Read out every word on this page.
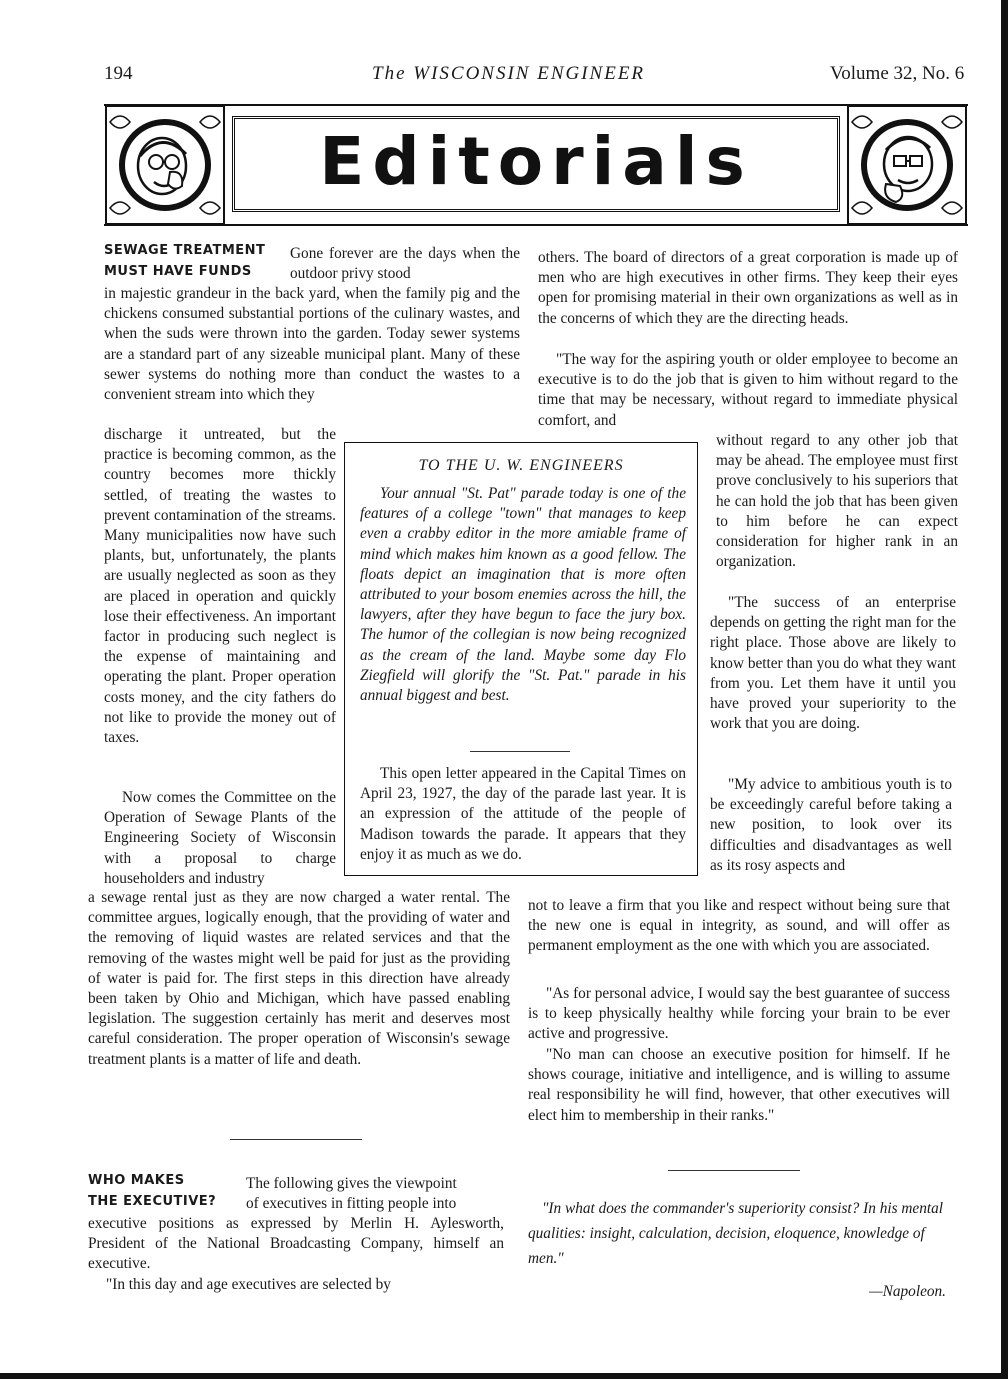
194	The WISCONSIN ENGINEER	Volume 32, No. 6
Editorials
SEWAGE TREATMENT
MUST HAVE FUNDS

Gone forever are the days when the outdoor privy stood

in majestic grandeur in the back yard, when the family pig and the chickens consumed substantial portions of the culinary wastes, and when the suds were thrown into the garden. Today sewer systems are a standard part of any sizeable municipal plant. Many of these sewer systems do nothing more than conduct the wastes to a convenient stream into which they

discharge it untreated, but the practice is becoming common, as the country becomes more thickly settled, of treating the wastes to prevent contamination of the streams. Many municipalities now have such plants, but, unfortunately, the plants are usually neglected as soon as they are placed in operation and quickly lose their effectiveness. An important factor in producing such neglect is the expense of maintaining and operating the plant. Proper operation costs money, and the city fathers do not like to provide the money out of taxes.

Now comes the Committee on the Operation of Sewage Plants of the Engineering Society of Wisconsin with a proposal to charge householders and industry

a sewage rental just as they are now charged a water rental. The committee argues, logically enough, that the providing of water and the removing of liquid wastes are related services and that the removing of the wastes might well be paid for just as the providing of water is paid for. The first steps in this direction have already been taken by Ohio and Michigan, which have passed enabling legislation. The suggestion certainly has merit and deserves most careful consideration. The proper operation of Wisconsin's sewage treatment plants is a matter of life and death.

WHO MAKES
THE EXECUTIVE?

The following gives the viewpoint

of executives in fitting people into

executive positions as expressed by Merlin H. Aylesworth, President of the National Broadcasting Company, himself an executive.

"In this day and age executives are selected by

others. The board of directors of a great corporation is made up of men who are high executives in other firms. They keep their eyes open for promising material in their own organizations as well as in the concerns of which they are the directing heads.

"The way for the aspiring youth or older employee to become an executive is to do the job that is given to him without regard to the time that may be necessary, without regard to immediate physical comfort, and

without regard to any other job that may be ahead. The employee must first prove conclusively to his superiors that he can hold the job that has been given to him before he can expect consideration for higher rank in an organization.

"The success of an enterprise depends on getting the right man for the right place. Those above are likely to know better than you do what they want from you. Let them have it until you have proved your superiority to the work that you are doing.

"My advice to ambitious youth is to be exceedingly careful before taking a new position, to look over its difficulties and disadvantages as well as its rosy aspects and

not to leave a firm that you like and respect without being sure that the new one is equal in integrity, as sound, and will offer as permanent employment as the one with which you are associated.

"As for personal advice, I would say the best guarantee of success is to keep physically healthy while forcing your brain to be ever active and progressive.

"No man can choose an executive position for himself. If he shows courage, initiative and intelligence, and is willing to assume real responsibility he will find, however, that other executives will elect him to membership in their ranks."

TO THE U. W. ENGINEERS

Your annual "St. Pat" parade today is one of the features of a college "town" that manages to keep even a crabby editor in the more amiable frame of mind which makes him known as a good fellow. The floats depict an imagination that is more often attributed to your bosom enemies across the hill, the lawyers, after they have begun to face the jury box. The humor of the collegian is now being recognized as the cream of the land. Maybe some day Flo Ziegfield will glorify the "St. Pat." parade in his annual biggest and best.

This open letter appeared in the Capital Times on April 23, 1927, the day of the parade last year. It is an expression of the attitude of the people of Madison towards the parade. It appears that they enjoy it as much as we do.

"In what does the commander's superiority consist? In his mental qualities: insight, calculation, decision, eloquence, knowledge of men."

—Napoleon.
